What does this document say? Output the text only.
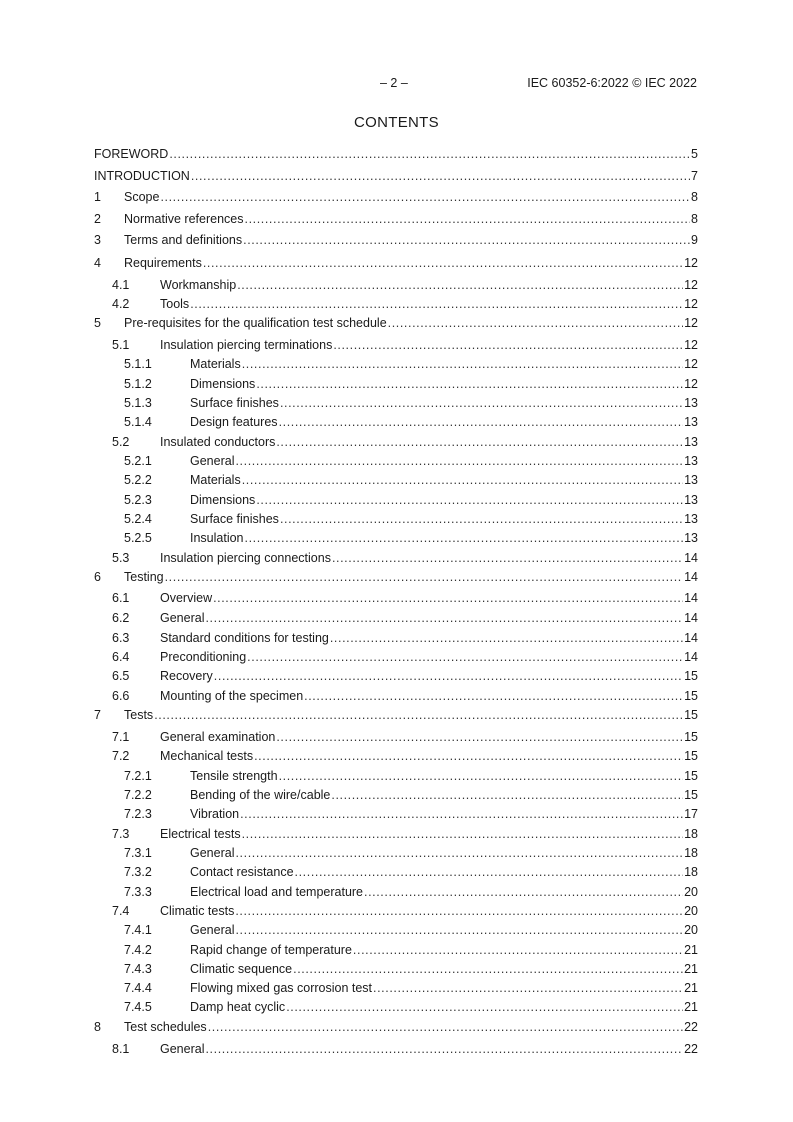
– 2 –	IEC 60352-6:2022 © IEC 2022
CONTENTS
FOREWORD .....	5
INTRODUCTION .....	7
1	Scope .....	8
2	Normative references .....	8
3	Terms and definitions .....	9
4	Requirements .....	12
4.1	Workmanship .....	12
4.2	Tools .....	12
5	Pre-requisites for the qualification test schedule .....	12
5.1	Insulation piercing terminations .....	12
5.1.1	Materials .....	12
5.1.2	Dimensions .....	12
5.1.3	Surface finishes .....	13
5.1.4	Design features .....	13
5.2	Insulated conductors .....	13
5.2.1	General .....	13
5.2.2	Materials .....	13
5.2.3	Dimensions .....	13
5.2.4	Surface finishes .....	13
5.2.5	Insulation .....	13
5.3	Insulation piercing connections .....	14
6	Testing .....	14
6.1	Overview .....	14
6.2	General .....	14
6.3	Standard conditions for testing .....	14
6.4	Preconditioning .....	14
6.5	Recovery .....	15
6.6	Mounting of the specimen .....	15
7	Tests .....	15
7.1	General examination .....	15
7.2	Mechanical tests .....	15
7.2.1	Tensile strength .....	15
7.2.2	Bending of the wire/cable .....	15
7.2.3	Vibration .....	17
7.3	Electrical tests .....	18
7.3.1	General .....	18
7.3.2	Contact resistance .....	18
7.3.3	Electrical load and temperature .....	20
7.4	Climatic tests .....	20
7.4.1	General .....	20
7.4.2	Rapid change of temperature .....	21
7.4.3	Climatic sequence .....	21
7.4.4	Flowing mixed gas corrosion test .....	21
7.4.5	Damp heat cyclic .....	21
8	Test schedules .....	22
8.1	General .....	22
